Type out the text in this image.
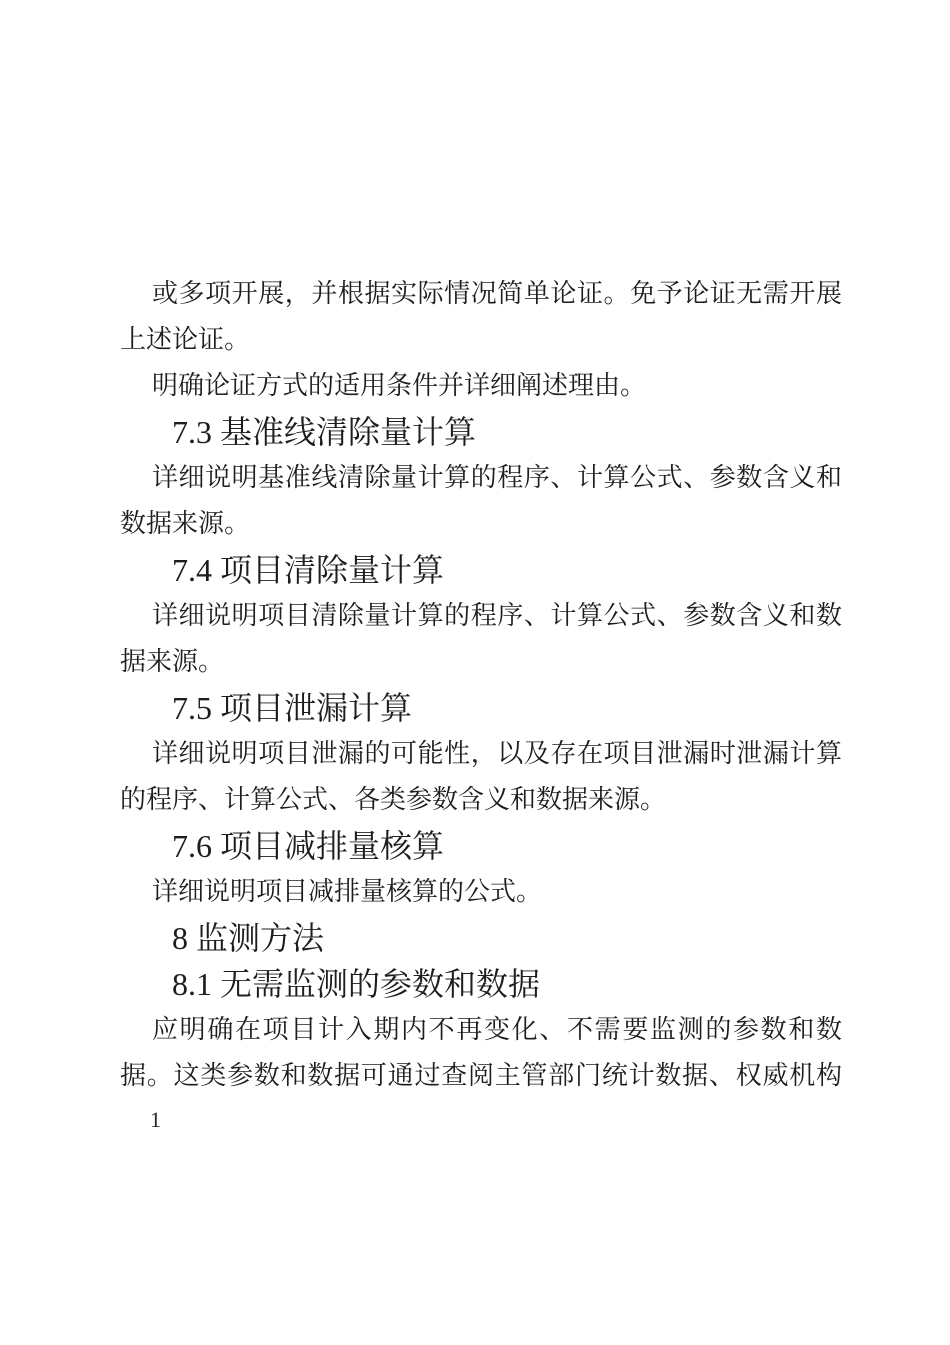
或多项开展，并根据实际情况简单论证。免予论证无需开展
上述论证。
明确论证方式的适用条件并详细阐述理由。
7.3 基准线清除量计算
详细说明基准线清除量计算的程序、计算公式、参数含义和
数据来源。
7.4 项目清除量计算
详细说明项目清除量计算的程序、计算公式、参数含义和数
据来源。
7.5 项目泄漏计算
详细说明项目泄漏的可能性，以及存在项目泄漏时泄漏计算
的程序、计算公式、各类参数含义和数据来源。
7.6 项目减排量核算
详细说明项目减排量核算的公式。
8 监测方法
8.1 无需监测的参数和数据
应明确在项目计入期内不再变化、不需要监测的参数和数
据。这类参数和数据可通过查阅主管部门统计数据、权威机构
1
